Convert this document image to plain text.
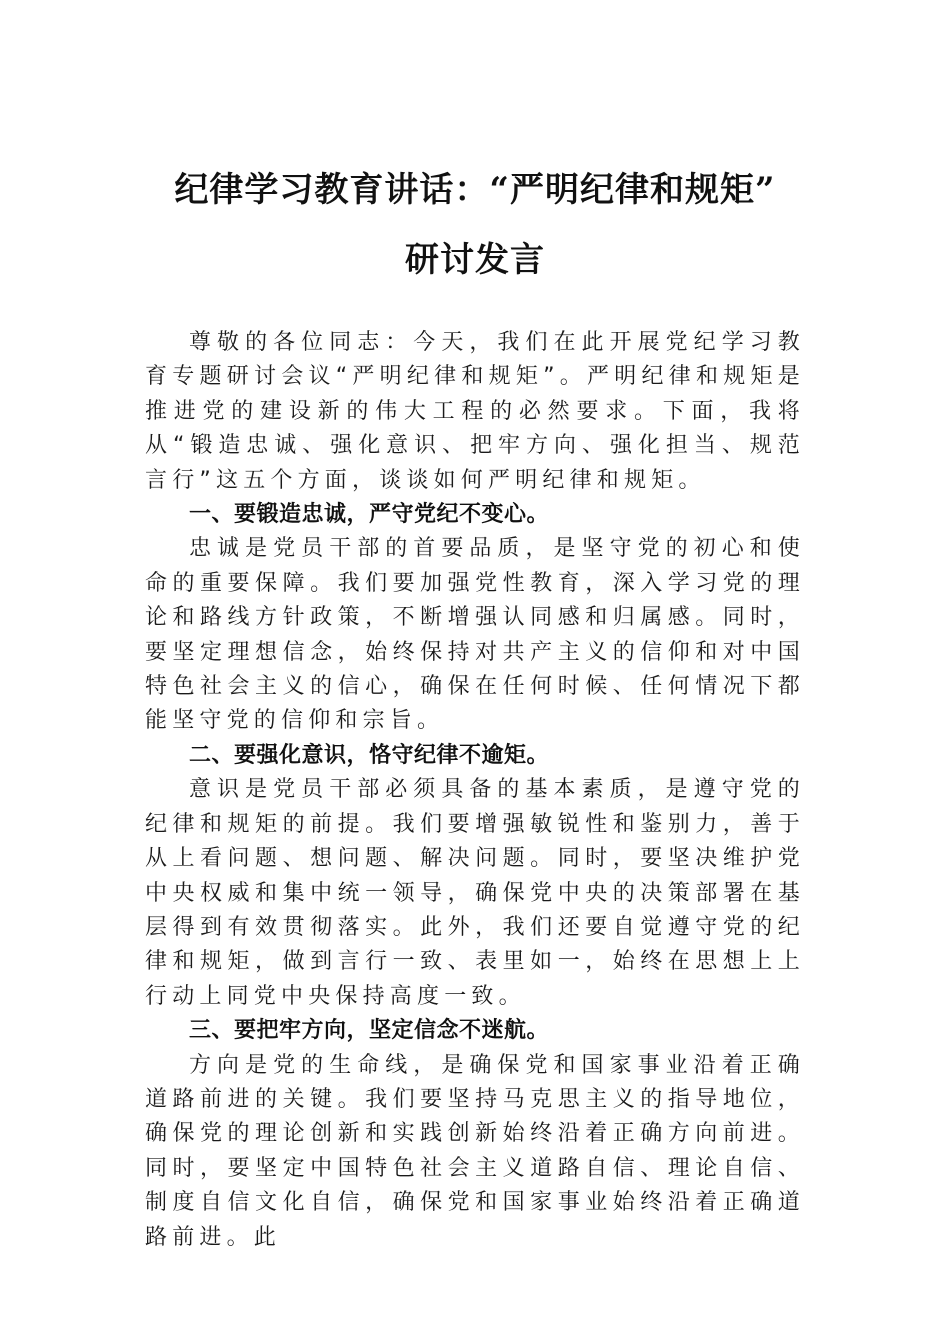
纪律学习教育讲话：“严明纪律和规矩”
研讨发言

尊敬的各位同志：今天，我们在此开展党纪学习教育专题研讨会议“严明纪律和规矩”。严明纪律和规矩是推进党的建设新的伟大工程的必然要求。下面，我将从“锻造忠诚、强化意识、把牢方向、强化担当、规范言行”这五个方面，谈谈如何严明纪律和规矩。

一、要锻造忠诚，严守党纪不变心。

忠诚是党员干部的首要品质，是坚守党的初心和使命的重要保障。我们要加强党性教育，深入学习党的理论和路线方针政策，不断增强认同感和归属感。同时，要坚定理想信念，始终保持对共产主义的信仰和对中国特色社会主义的信心，确保在任何时候、任何情况下都能坚守党的信仰和宗旨。

二、要强化意识，恪守纪律不逾矩。

意识是党员干部必须具备的基本素质，是遵守党的纪律和规矩的前提。我们要增强敏锐性和鉴别力，善于从上看问题、想问题、解决问题。同时，要坚决维护党中央权威和集中统一领导，确保党中央的决策部署在基层得到有效贯彻落实。此外，我们还要自觉遵守党的纪律和规矩，做到言行一致、表里如一，始终在思想上上行动上同党中央保持高度一致。

三、要把牢方向，坚定信念不迷航。

方向是党的生命线，是确保党和国家事业沿着正确道路前进的关键。我们要坚持马克思主义的指导地位，确保党的理论创新和实践创新始终沿着正确方向前进。同时，要坚定中国特色社会主义道路自信、理论自信、制度自信文化自信，确保党和国家事业始终沿着正确道路前进。此
